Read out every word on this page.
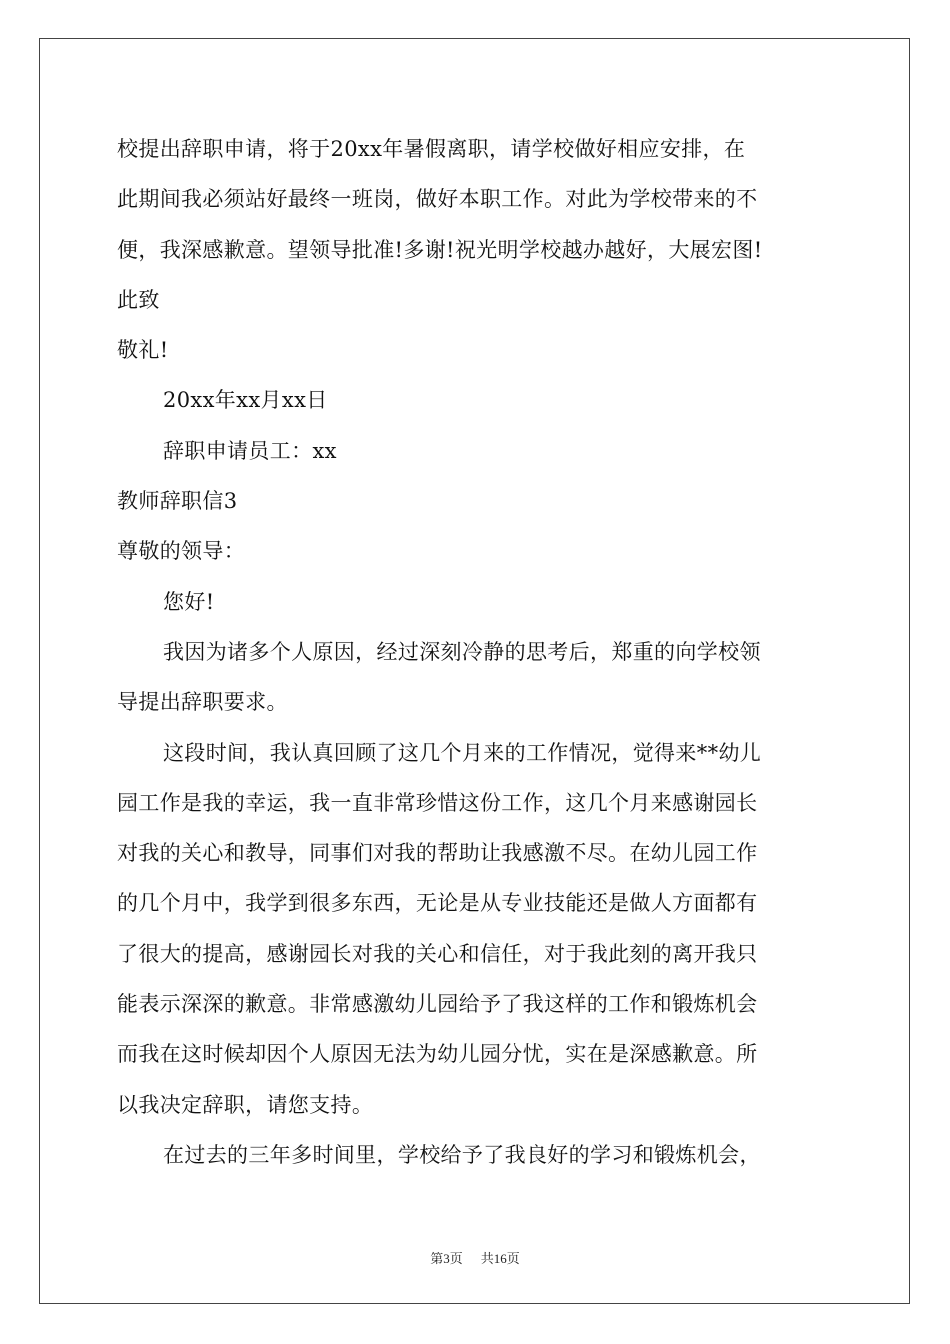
校提出辞职申请，将于20xx年暑假离职，请学校做好相应安排，在
此期间我必须站好最终一班岗，做好本职工作。对此为学校带来的不
便，我深感歉意。望领导批准!多谢!祝光明学校越办越好，大展宏图!
此致
敬礼!
20xx年xx月xx日
辞职申请员工：xx
教师辞职信3
尊敬的领导：
您好!
我因为诸多个人原因，经过深刻冷静的思考后，郑重的向学校领
导提出辞职要求。
这段时间，我认真回顾了这几个月来的工作情况，觉得来**幼儿
园工作是我的幸运，我一直非常珍惜这份工作，这几个月来感谢园长
对我的关心和教导，同事们对我的帮助让我感激不尽。在幼儿园工作
的几个月中，我学到很多东西，无论是从专业技能还是做人方面都有
了很大的提高，感谢园长对我的关心和信任，对于我此刻的离开我只
能表示深深的歉意。非常感激幼儿园给予了我这样的工作和锻炼机会
而我在这时候却因个人原因无法为幼儿园分忧，实在是深感歉意。所
以我决定辞职，请您支持。
在过去的三年多时间里，学校给予了我良好的学习和锻炼机会，
第3页 共16页
